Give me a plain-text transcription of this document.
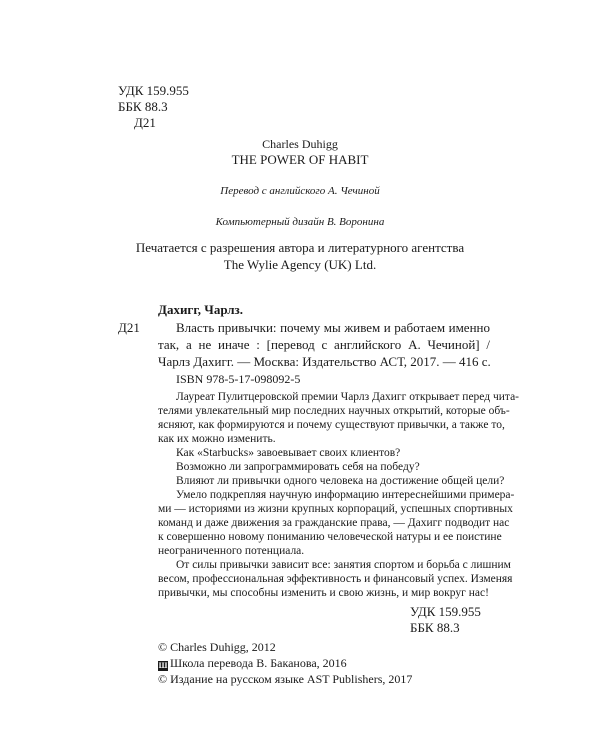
УДК 159.955
ББК 88.3
Д21
Charles Duhigg
THE POWER OF HABIT
Перевод с английского А. Чечиной
Компьютерный дизайн В. Воронина
Печатается с разрешения автора и литературного агентства
The Wylie Agency (UK) Ltd.
Дахигг, Чарлз.
Д21	Власть привычки: почему мы живем и работаем именно
так, а не иначе : [перевод с английского А. Чечиной] /
Чарлз Дахигг. — Москва: Издательство АСТ, 2017. — 416 с.
ISBN 978-5-17-098092-5
Лауреат Пулитцеровской премии Чарлз Дахигг открывает перед чита-
телями увлекательный мир последних научных открытий, которые объ-
ясняют, как формируются и почему существуют привычки, а также то,
как их можно изменить.
Как «Starbucks» завоевывает своих клиентов?
Возможно ли запрограммировать себя на победу?
Влияют ли привычки одного человека на достижение общей цели?
Умело подкрепляя научную информацию интереснейшими примера-
ми — историями из жизни крупных корпораций, успешных спортивных
команд и даже движения за гражданские права, — Дахигг подводит нас
к совершенно новому пониманию человеческой натуры и ее поистине
неограниченного потенциала.
От силы привычки зависит все: занятия спортом и борьба с лишним
весом, профессиональная эффективность и финансовый успех. Изменяя
привычки, мы способны изменить и свою жизнь, и мир вокруг нас!
УДК 159.955
ББК 88.3
© Charles Duhigg, 2012
Ш Школа перевода В. Баканова, 2016
© Издание на русском языке AST Publishers, 2017
